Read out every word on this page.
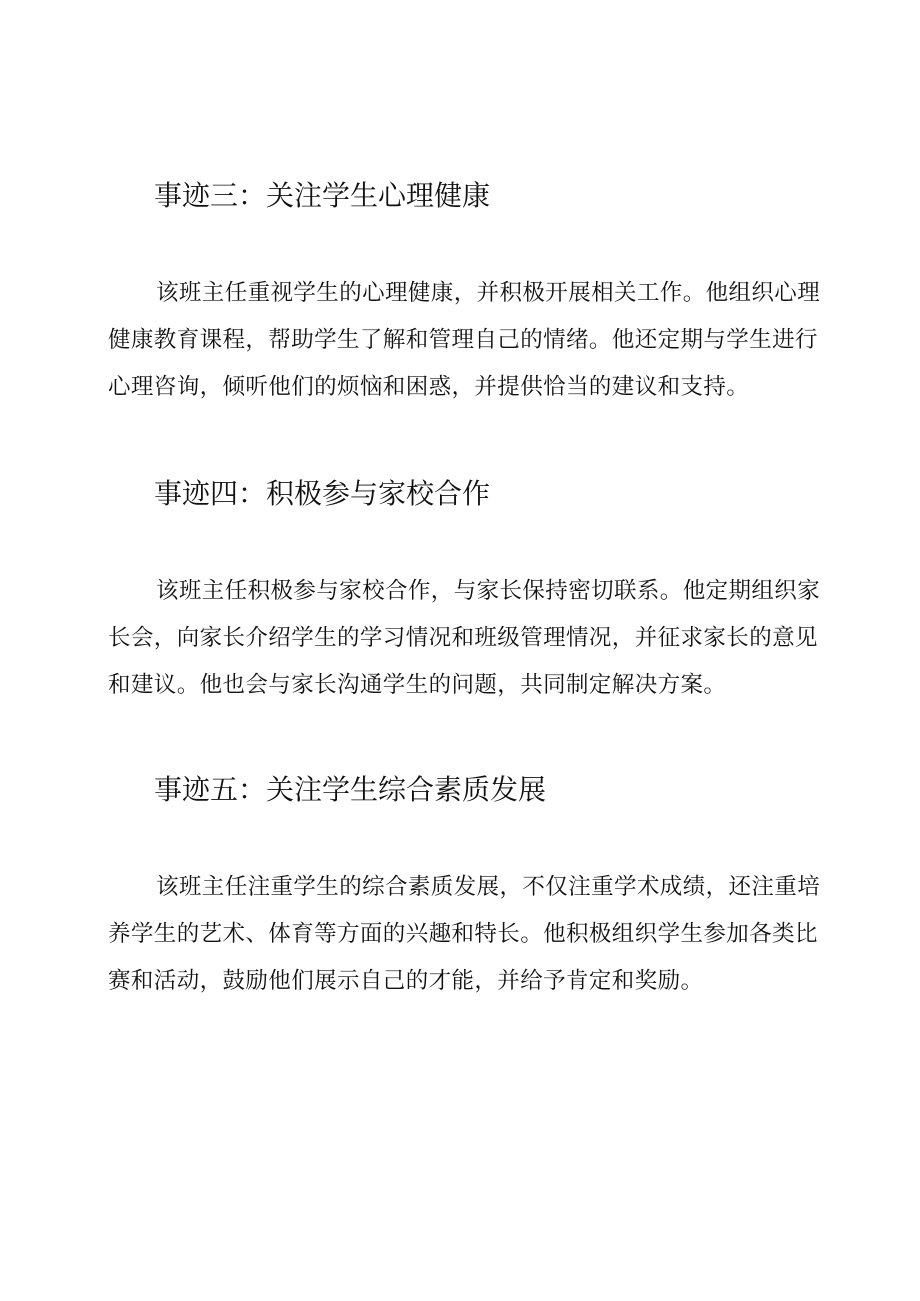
事迹三：关注学生心理健康

该班主任重视学生的心理健康，并积极开展相关工作。他组织心理健康教育课程，帮助学生了解和管理自己的情绪。他还定期与学生进行心理咨询，倾听他们的烦恼和困惑，并提供恰当的建议和支持。

事迹四：积极参与家校合作

该班主任积极参与家校合作，与家长保持密切联系。他定期组织家长会，向家长介绍学生的学习情况和班级管理情况，并征求家长的意见和建议。他也会与家长沟通学生的问题，共同制定解决方案。

事迹五：关注学生综合素质发展

该班主任注重学生的综合素质发展，不仅注重学术成绩，还注重培养学生的艺术、体育等方面的兴趣和特长。他积极组织学生参加各类比赛和活动，鼓励他们展示自己的才能，并给予肯定和奖励。
